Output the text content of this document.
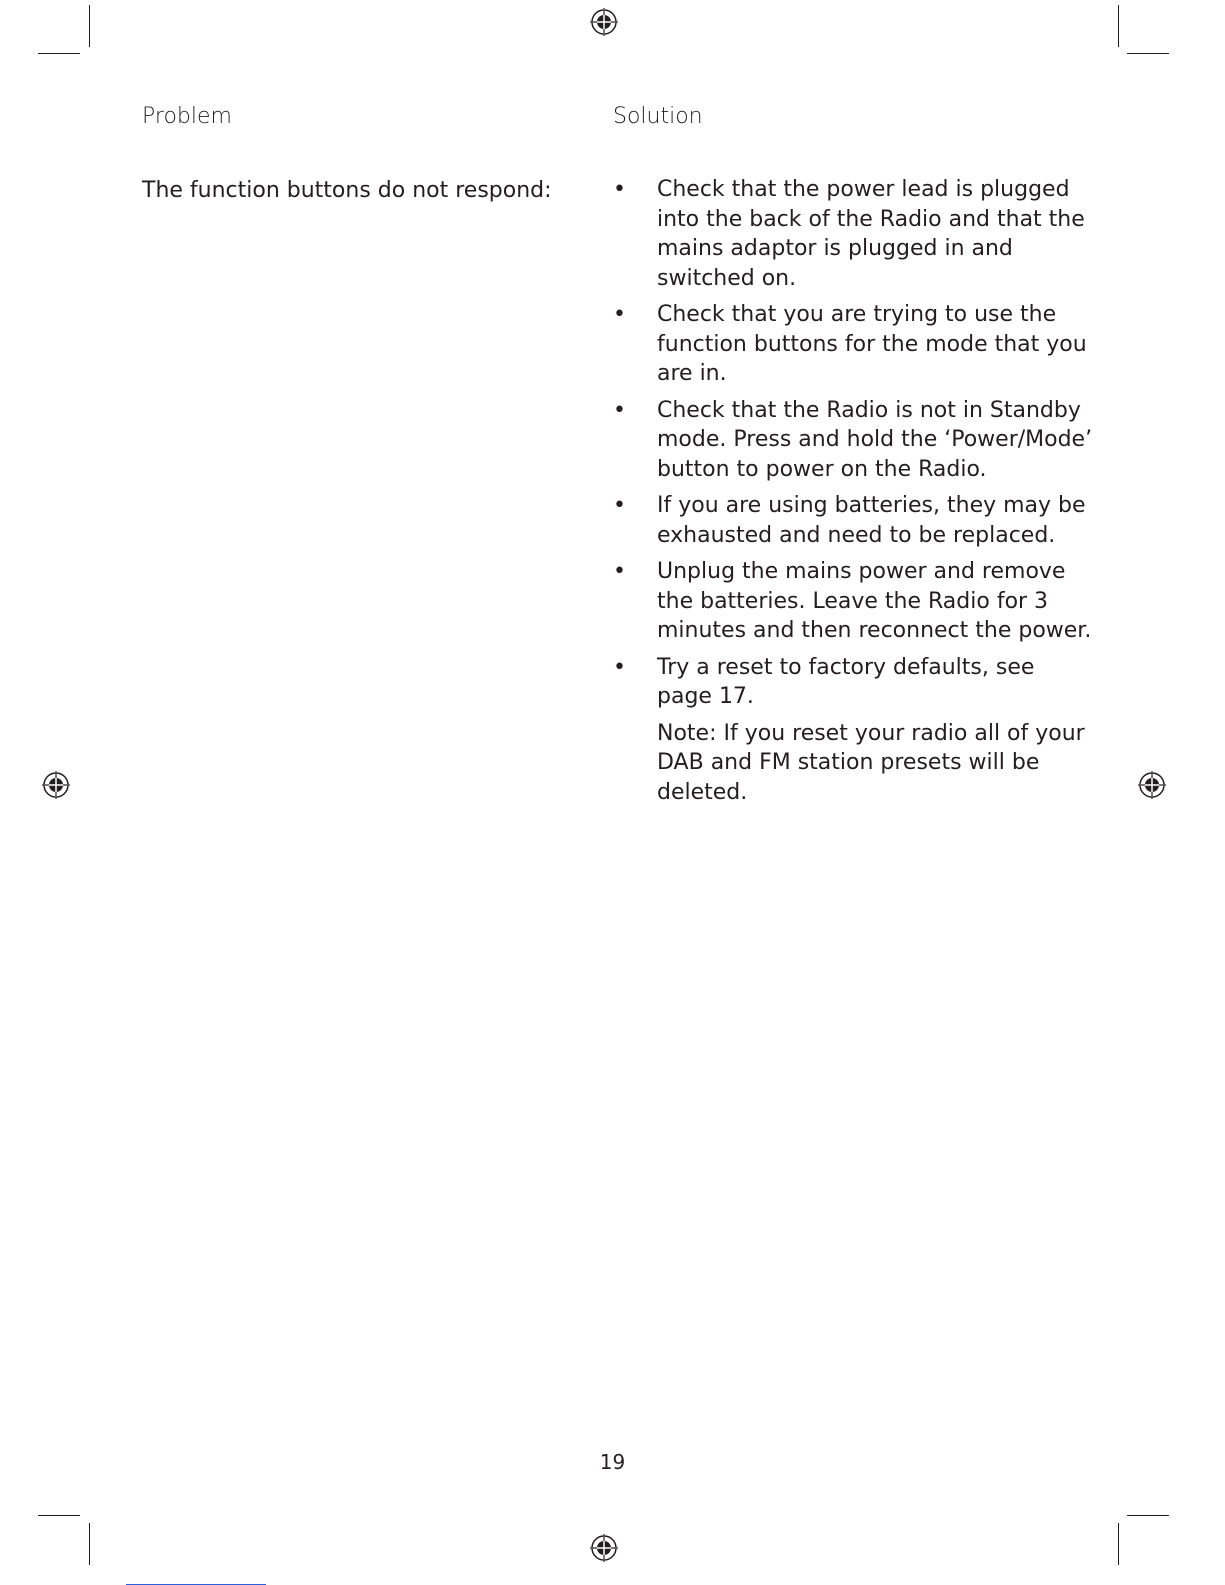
Problem	Solution
The function buttons do not respond:	• Check that the power lead is plugged into the back of the Radio and that the mains adaptor is plugged in and switched on.
• Check that you are trying to use the function buttons for the mode that you are in.
• Check that the Radio is not in Standby mode. Press and hold the ‘Power/Mode’ button to power on the Radio.
• If you are using batteries, they may be exhausted and need to be replaced.
• Unplug the mains power and remove the batteries. Leave the Radio for 3 minutes and then reconnect the power.
• Try a reset to factory defaults, see page 17.
Note: If you reset your radio all of your DAB and FM station presets will be deleted.
19
